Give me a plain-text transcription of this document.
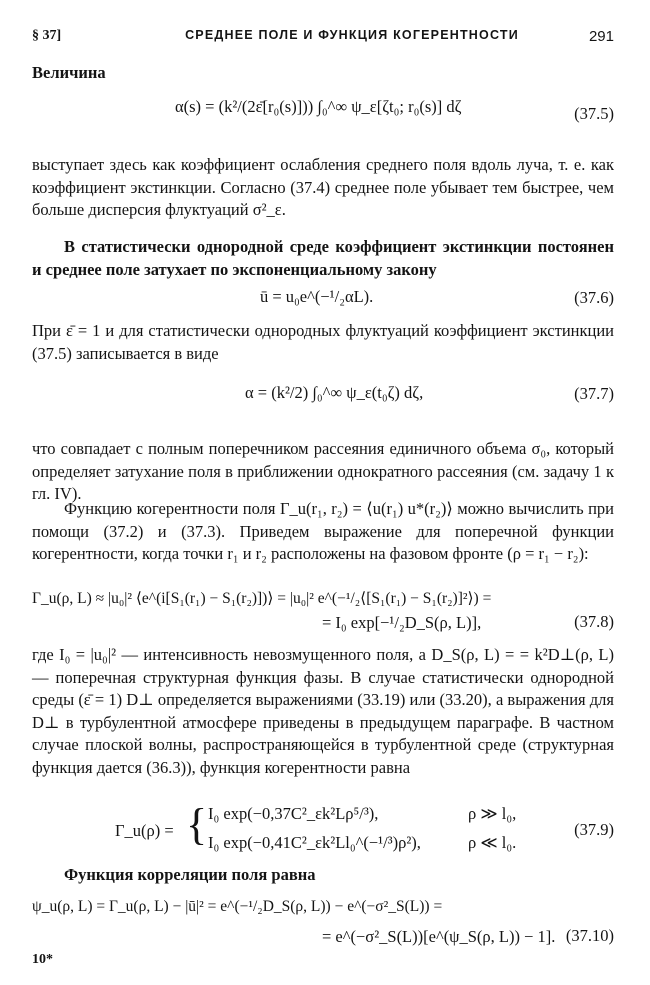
§ 37]	СРЕДНЕЕ ПОЛЕ И ФУНКЦИЯ КОГЕРЕНТНОСТИ	291

Величина

α(s) = (k²/(2ε̄[r₀(s)])) ∫₀^∞ ψ_ε[ζt₀; r₀(s)] dζ	(37.5)

выступает здесь как коэффициент ослабления среднего поля вдоль луча, т. е. как коэффициент экстинкции. Согласно (37.4) среднее поле убывает тем быстрее, чем больше дисперсия флуктуаций σ²_ε.

В статистически однородной среде коэффициент экстинкции постоянен и среднее поле затухает по экспоненциальному закону

ū = u₀e^(−¹/₂αL).	(37.6)

При ε̄ = 1 и для статистически однородных флуктуаций коэффициент экстинкции (37.5) записывается в виде

α = (k²/2) ∫₀^∞ ψ_ε(t₀ζ) dζ,	(37.7)

что совпадает с полным поперечником рассеяния единичного объема σ₀, который определяет затухание поля в приближении однократного рассеяния (см. задачу 1 к гл. IV).

Функцию когерентности поля Γ_u(r₁, r₂) = ⟨u(r₁) u*(r₂)⟩ можно вычислить при помощи (37.2) и (37.3). Приведем выражение для поперечной функции когерентности, когда точки r₁ и r₂ расположены на фазовом фронте (ρ = r₁ − r₂):

Γ_u(ρ, L) ≈ |u₀|² ⟨e^(i[S₁(r₁) − S₁(r₂)])⟩ = |u₀|² e^(−¹/₂⟨[S₁(r₁) − S₁(r₂)]²⟩) =
= I₀ exp[−¹/₂D_S(ρ, L)],	(37.8)

где I₀ = |u₀|² — интенсивность невозмущенного поля, а D_S(ρ, L) = = k²D⊥(ρ, L) — поперечная структурная функция фазы. В случае статистически однородной среды (ε̄ = 1) D⊥ определяется выражениями (33.19) или (33.20), а выражения для D⊥ в турбулентной атмосфере приведены в предыдущем параграфе. В частном случае плоской волны, распространяющейся в турбулентной среде (структурная функция дается (36.3)), функция когерентности равна

Γ_u(ρ) = { I₀ exp(−0,37C²_εk²Lρ⁵/³),	ρ ≫ l₀,
I₀ exp(−0,41C²_εk²Ll₀^(−¹/³)ρ²),	ρ ≪ l₀.
(37.9)

Функция корреляции поля равна

ψ_u(ρ, L) = Γ_u(ρ, L) − |ū|² = e^(−¹/₂D_S(ρ, L)) − e^(−σ²_S(L)) =
= e^(−σ²_S(L))[e^(ψ_S(ρ, L)) − 1]. (37.10)
10*
